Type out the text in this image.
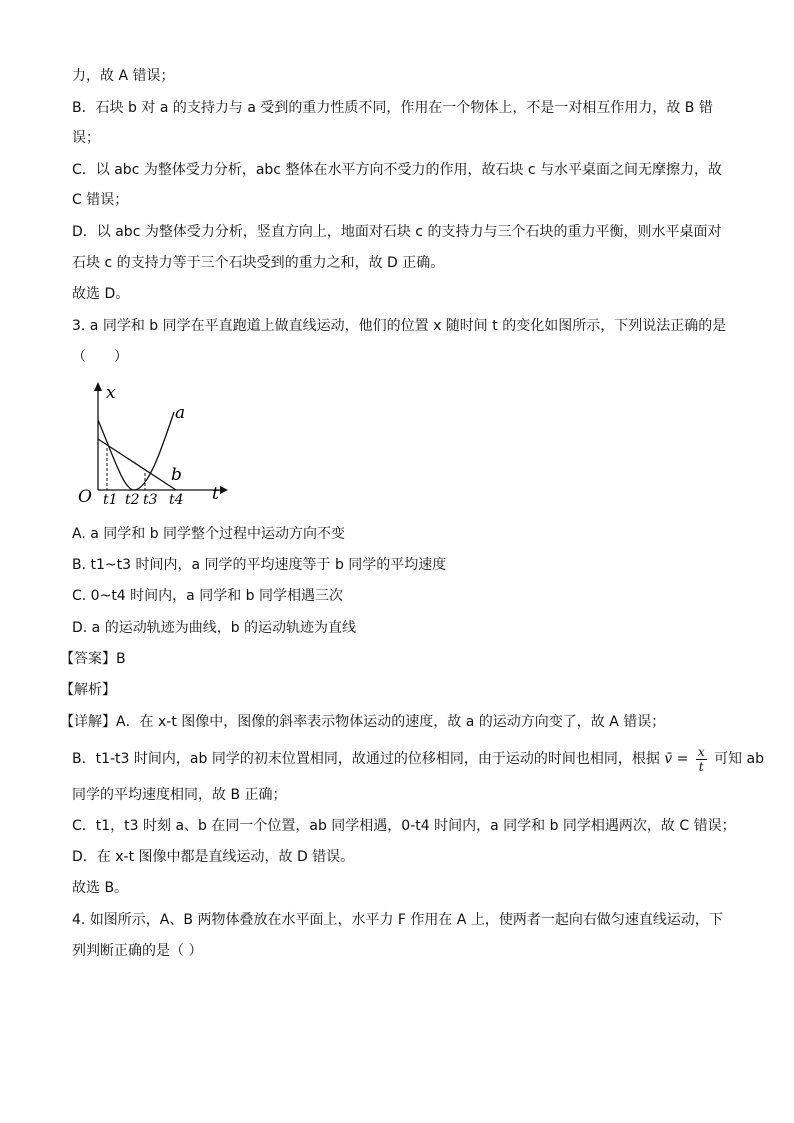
力，故 A 错误；
B．石块 b 对 a 的支持力与 a 受到的重力性质不同，作用在一个物体上，不是一对相互作用力，故 B 错
误；
C．以 abc 为整体受力分析，abc 整体在水平方向不受力的作用，故石块 c 与水平桌面之间无摩擦力，故
C 错误；
D．以 abc 为整体受力分析，竖直方向上，地面对石块 c 的支持力与三个石块的重力平衡，则水平桌面对
石块 c 的支持力等于三个石块受到的重力之和，故 D 正确。
故选 D。
3. a 同学和 b 同学在平直跑道上做直线运动，他们的位置 x 随时间 t 的变化如图所示，下列说法正确的是
（　　）
x
t
O
a
b
t1 t2 t3 t4
A. a 同学和 b 同学整个过程中运动方向不变
B. t1~t3 时间内，a 同学的平均速度等于 b 同学的平均速度
C. 0~t4 时间内，a 同学和 b 同学相遇三次
D. a 的运动轨迹为曲线，b 的运动轨迹为直线
【答案】B
【解析】
【详解】A．在 x-t 图像中，图像的斜率表示物体运动的速度，故 a 的运动方向变了，故 A 错误；
B．t1-t3 时间内，ab 同学的初末位置相同，故通过的位移相同，由于运动的时间也相同，根据 v̄ = $\frac{x}{t}$ 可知 ab
同学的平均速度相同，故 B 正确；
C．t1，t3 时刻 a、b 在同一个位置，ab 同学相遇，0-t4 时间内，a 同学和 b 同学相遇两次，故 C 错误；
D．在 x-t 图像中都是直线运动，故 D 错误。
故选 B。
4. 如图所示，A、B 两物体叠放在水平面上，水平力 F 作用在 A 上，使两者一起向右做匀速直线运动，下
列判断正确的是（ ）
